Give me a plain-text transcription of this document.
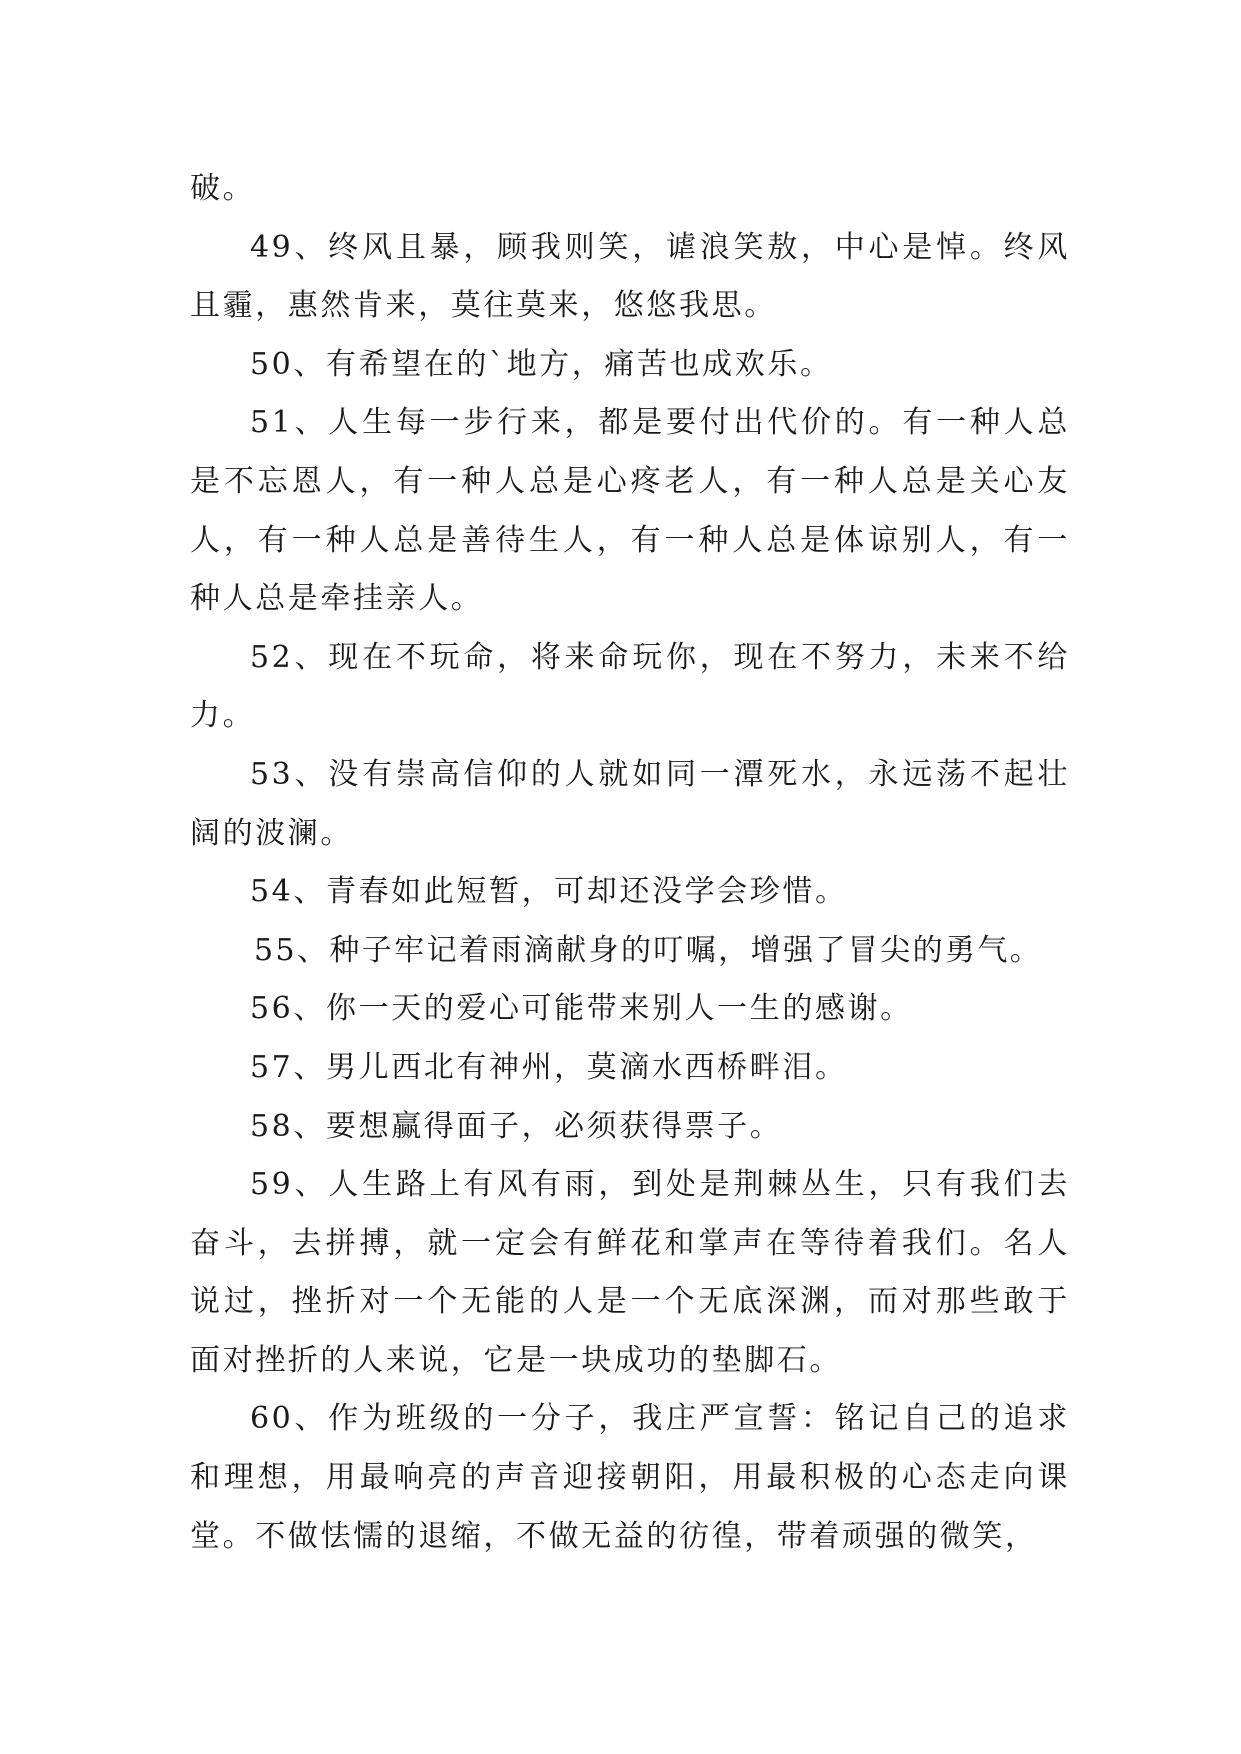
破。

49、终风且暴，顾我则笑，谑浪笑敖，中心是悼。终风且霾，惠然肯来，莫往莫来，悠悠我思。

50、有希望在的`地方，痛苦也成欢乐。

51、人生每一步行来，都是要付出代价的。有一种人总是不忘恩人，有一种人总是心疼老人，有一种人总是关心友人，有一种人总是善待生人，有一种人总是体谅别人，有一种人总是牵挂亲人。

52、现在不玩命，将来命玩你，现在不努力，未来不给力。

53、没有崇高信仰的人就如同一潭死水，永远荡不起壮阔的波澜。

54、青春如此短暂，可却还没学会珍惜。

55、种子牢记着雨滴献身的叮嘱，增强了冒尖的勇气。

56、你一天的爱心可能带来别人一生的感谢。

57、男儿西北有神州，莫滴水西桥畔泪。

58、要想赢得面子，必须获得票子。

59、人生路上有风有雨，到处是荆棘丛生，只有我们去奋斗，去拼搏，就一定会有鲜花和掌声在等待着我们。名人说过，挫折对一个无能的人是一个无底深渊，而对那些敢于面对挫折的人来说，它是一块成功的垫脚石。

60、作为班级的一分子，我庄严宣誓：铭记自己的追求和理想，用最响亮的声音迎接朝阳，用最积极的心态走向课堂。不做怯懦的退缩，不做无益的彷徨，带着顽强的微笑，
